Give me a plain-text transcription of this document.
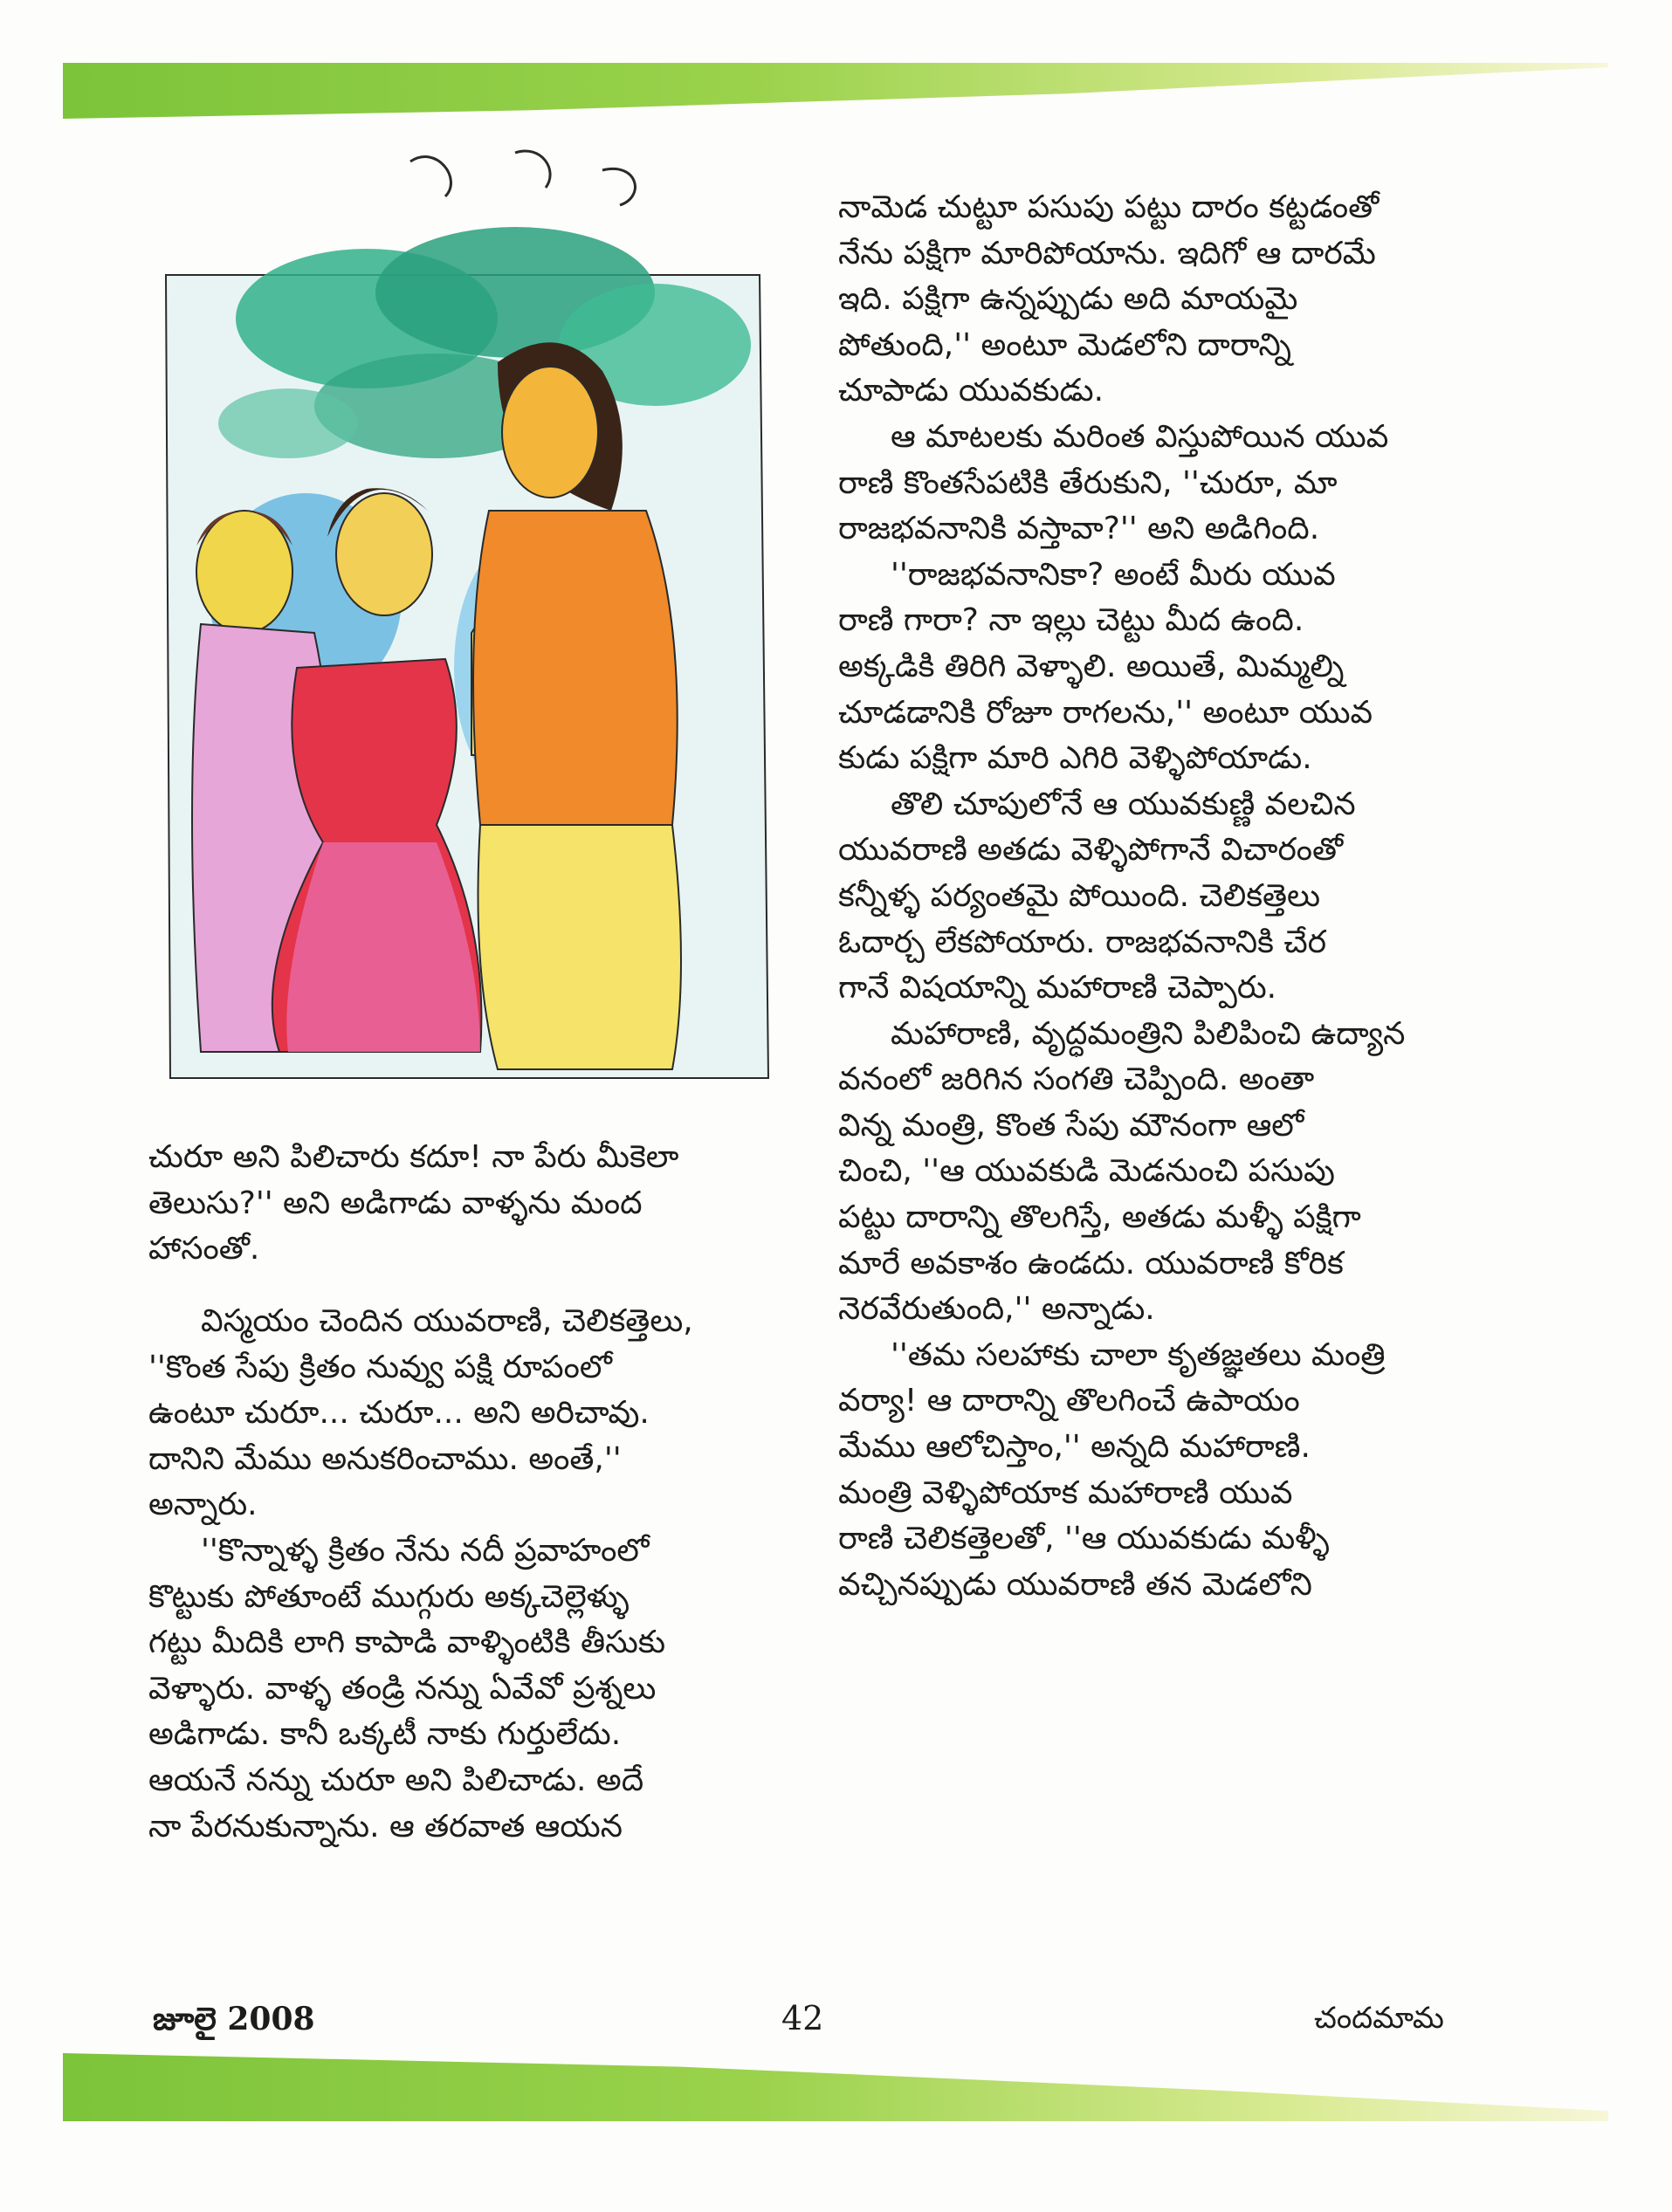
చురూ అని పిలిచారు కదూ! నా పేరు మీకెలా
తెలుసు?'' అని అడిగాడు వాళ్ళను మంద
హాసంతో.
విస్మయం చెందిన యువరాణి, చెలికత్తెలు,
''కొంత సేపు క్రితం నువ్వు పక్షి రూపంలో
ఉంటూ చురూ... చురూ... అని అరిచావు.
దానిని మేము అనుకరించాము. అంతే,''
అన్నారు.
''కొన్నాళ్ళ క్రితం నేను నదీ ప్రవాహంలో
కొట్టుకు పోతూంటే ముగ్గురు అక్కచెల్లెళ్ళు
గట్టు మీదికి లాగి కాపాడి వాళ్ళింటికి తీసుకు
వెళ్ళారు. వాళ్ళ తండ్రి నన్ను ఏవేవో ప్రశ్నలు
అడిగాడు. కానీ ఒక్కటీ నాకు గుర్తులేదు.
ఆయనే నన్ను చురూ అని పిలిచాడు. అదే
నా పేరనుకున్నాను. ఆ తరవాత ఆయన
నామెడ చుట్టూ పసుపు పట్టు దారం కట్టడంతో
నేను పక్షిగా మారిపోయాను. ఇదిగో ఆ దారమే
ఇది. పక్షిగా ఉన్నప్పుడు అది మాయమై
పోతుంది,'' అంటూ మెడలోని దారాన్ని
చూపాడు యువకుడు.
ఆ మాటలకు మరింత విస్తుపోయిన యువ
రాణి కొంతసేపటికి తేరుకుని, ''చురూ, మా
రాజభవనానికి వస్తావా?'' అని అడిగింది.
''రాజభవనానికా? అంటే మీరు యువ
రాణి గారా? నా ఇల్లు చెట్టు మీద ఉంది.
అక్కడికి తిరిగి వెళ్ళాలి. అయితే, మిమ్మల్ని
చూడడానికి రోజూ రాగలను,'' అంటూ యువ
కుడు పక్షిగా మారి ఎగిరి వెళ్ళిపోయాడు.
తొలి చూపులోనే ఆ యువకుణ్ణి వలచిన
యువరాణి అతడు వెళ్ళిపోగానే విచారంతో
కన్నీళ్ళ పర్యంతమై పోయింది. చెలికత్తెలు
ఓదార్చ లేకపోయారు. రాజభవనానికి చేర
గానే విషయాన్ని మహారాణి చెప్పారు.
మహారాణి, వృద్ధమంత్రిని పిలిపించి ఉద్యాన
వనంలో జరిగిన సంగతి చెప్పింది. అంతా
విన్న మంత్రి, కొంత సేపు మౌనంగా ఆలో
చించి, ''ఆ యువకుడి మెడనుంచి పసుపు
పట్టు దారాన్ని తొలగిస్తే, అతడు మళ్ళీ పక్షిగా
మారే అవకాశం ఉండదు. యువరాణి కోరిక
నెరవేరుతుంది,'' అన్నాడు.
''తమ సలహాకు చాలా కృతజ్ఞతలు మంత్రి
వర్యా! ఆ దారాన్ని తొలగించే ఉపాయం
మేము ఆలోచిస్తాం,'' అన్నది మహారాణి.
మంత్రి వెళ్ళిపోయాక మహారాణి యువ
రాణి చెలికత్తెలతో, ''ఆ యువకుడు మళ్ళీ
వచ్చినప్పుడు యువరాణి తన మెడలోని
జూలై 2008	42	చందమామ
